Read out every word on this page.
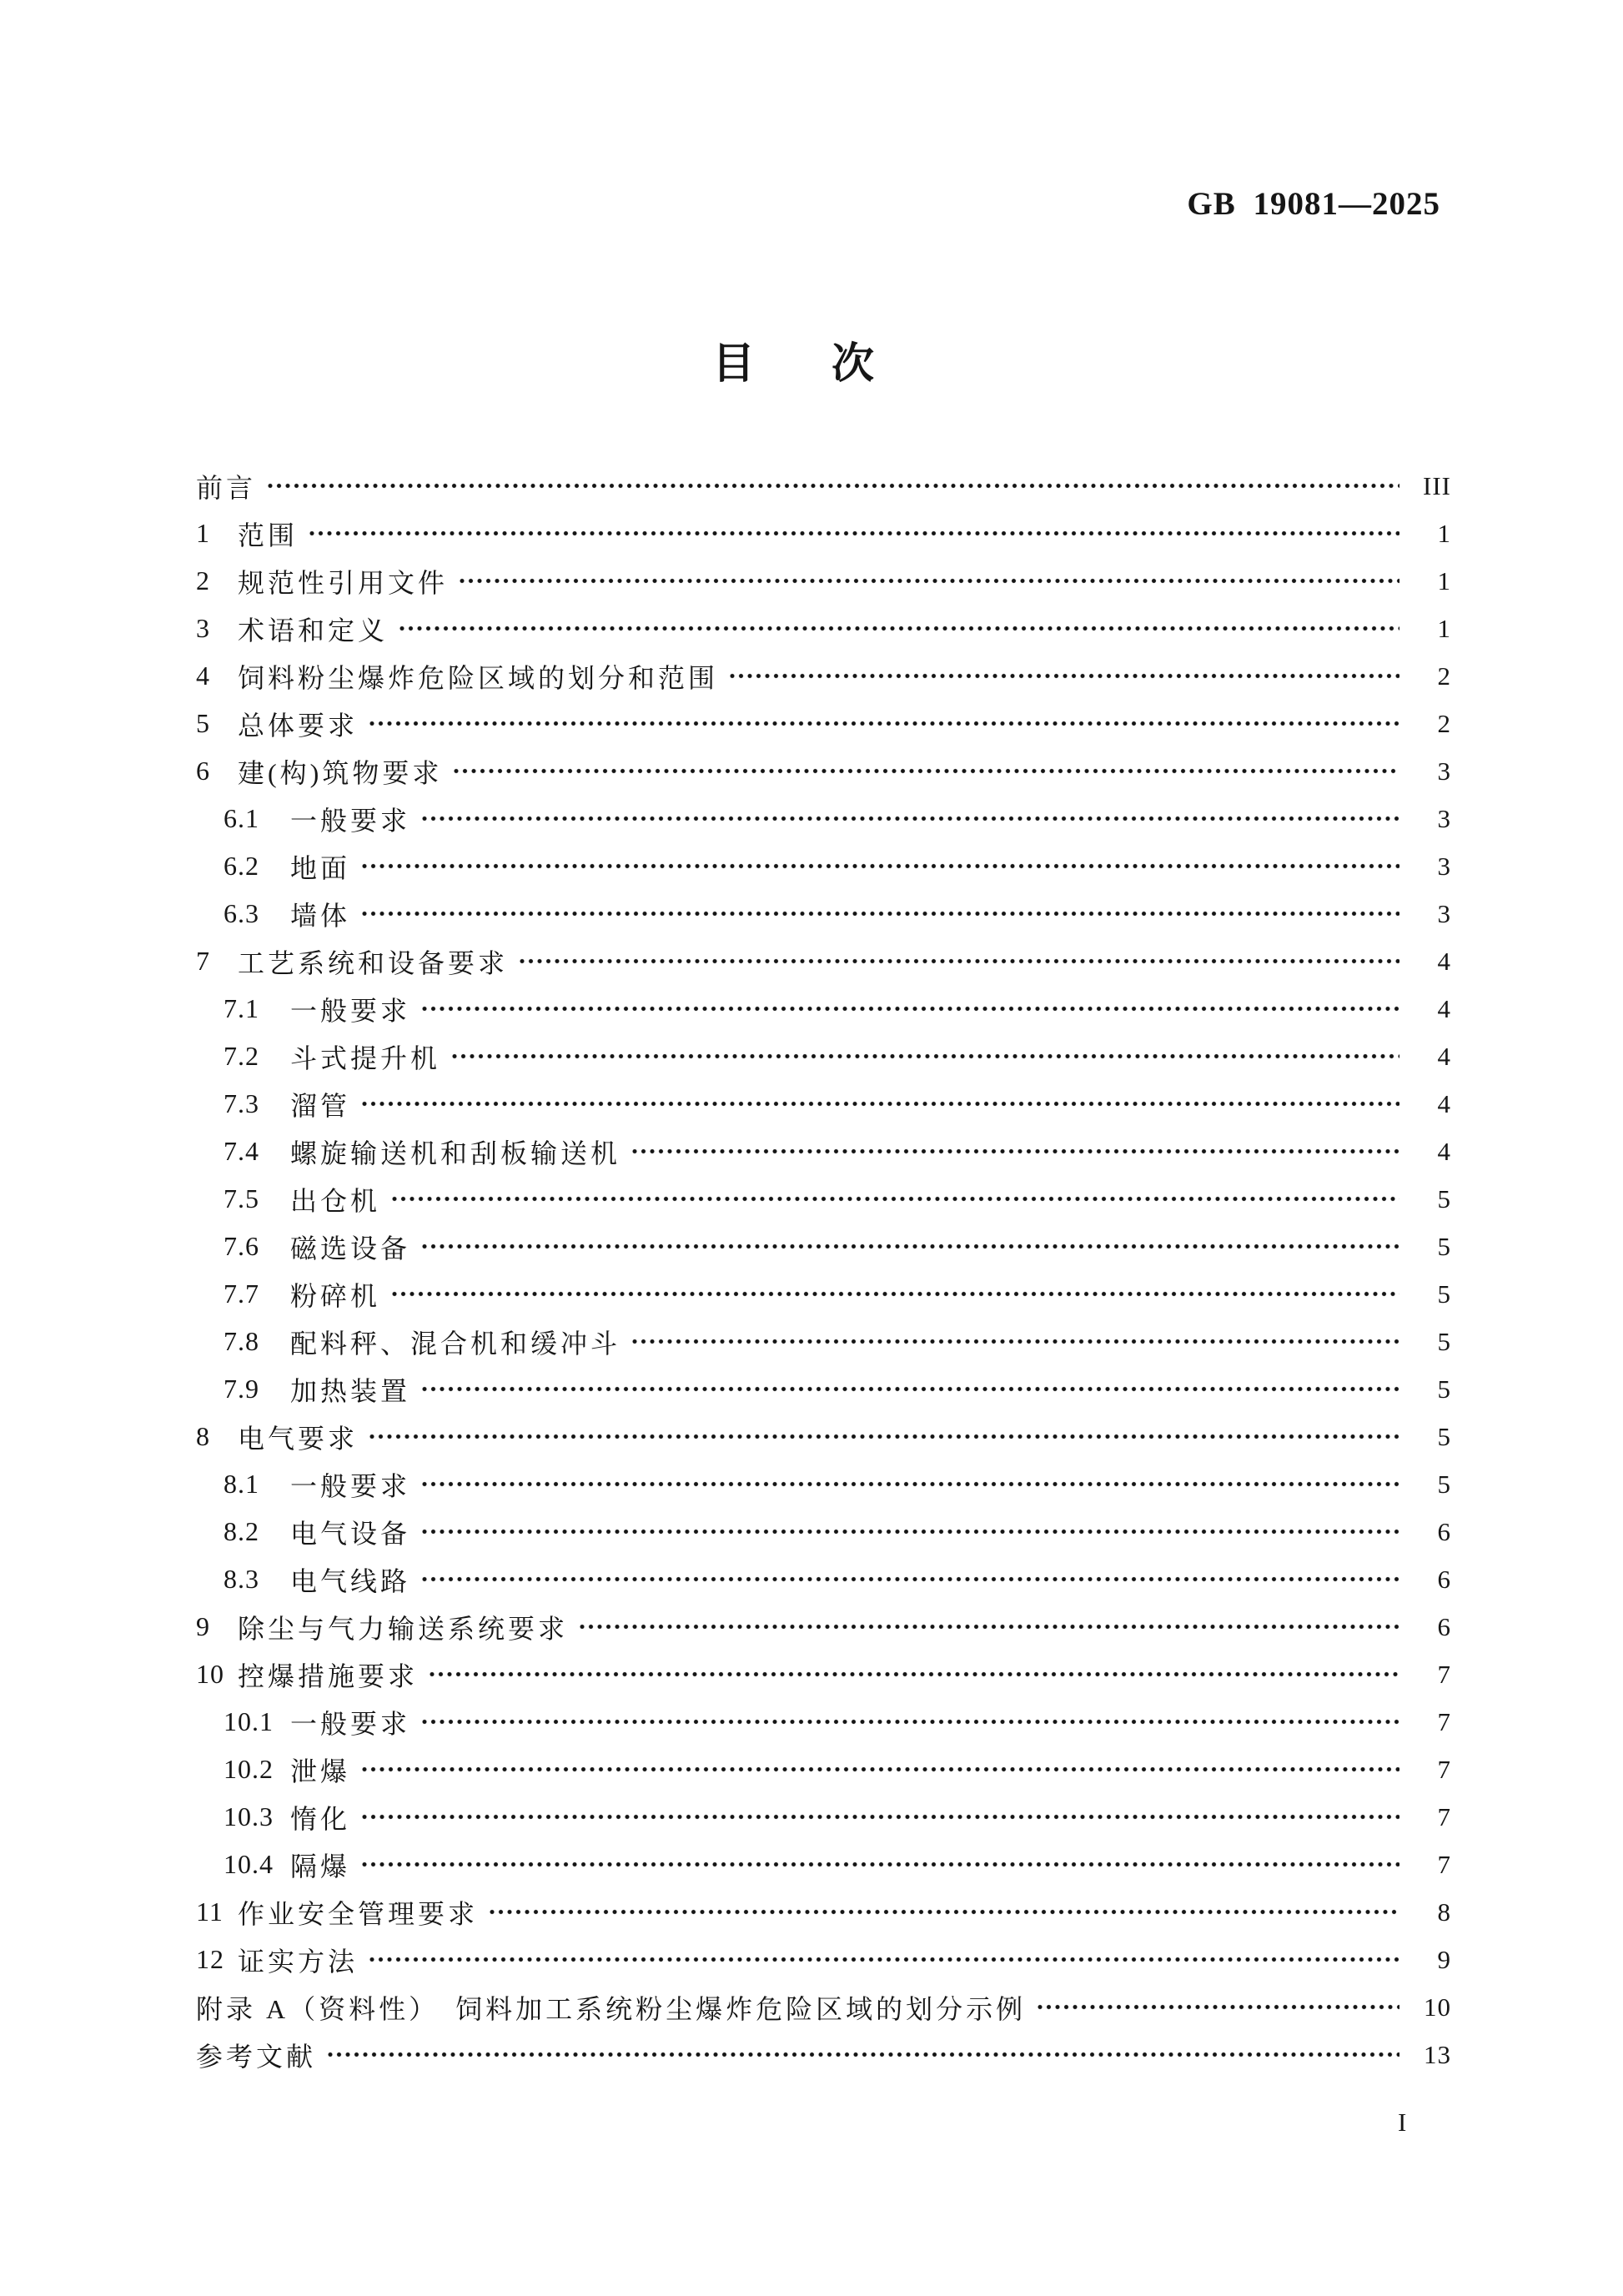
GB 19081—2025
目 次
前言	III
1	范围	1
2	规范性引用文件	1
3	术语和定义	1
4	饲料粉尘爆炸危险区域的划分和范围	2
5	总体要求	2
6	建(构)筑物要求	3
6.1	一般要求	3
6.2	地面	3
6.3	墙体	3
7	工艺系统和设备要求	4
7.1	一般要求	4
7.2	斗式提升机	4
7.3	溜管	4
7.4	螺旋输送机和刮板输送机	4
7.5	出仓机	5
7.6	磁选设备	5
7.7	粉碎机	5
7.8	配料秤、混合机和缓冲斗	5
7.9	加热装置	5
8	电气要求	5
8.1	一般要求	5
8.2	电气设备	6
8.3	电气线路	6
9	除尘与气力输送系统要求	6
10 控爆措施要求	7
10.1 一般要求	7
10.2 泄爆	7
10.3 惰化	7
10.4 隔爆	7
11 作业安全管理要求	8
12 证实方法	9
附录 A（资料性）　饲料加工系统粉尘爆炸危险区域的划分示例	10
参考文献	13
I
